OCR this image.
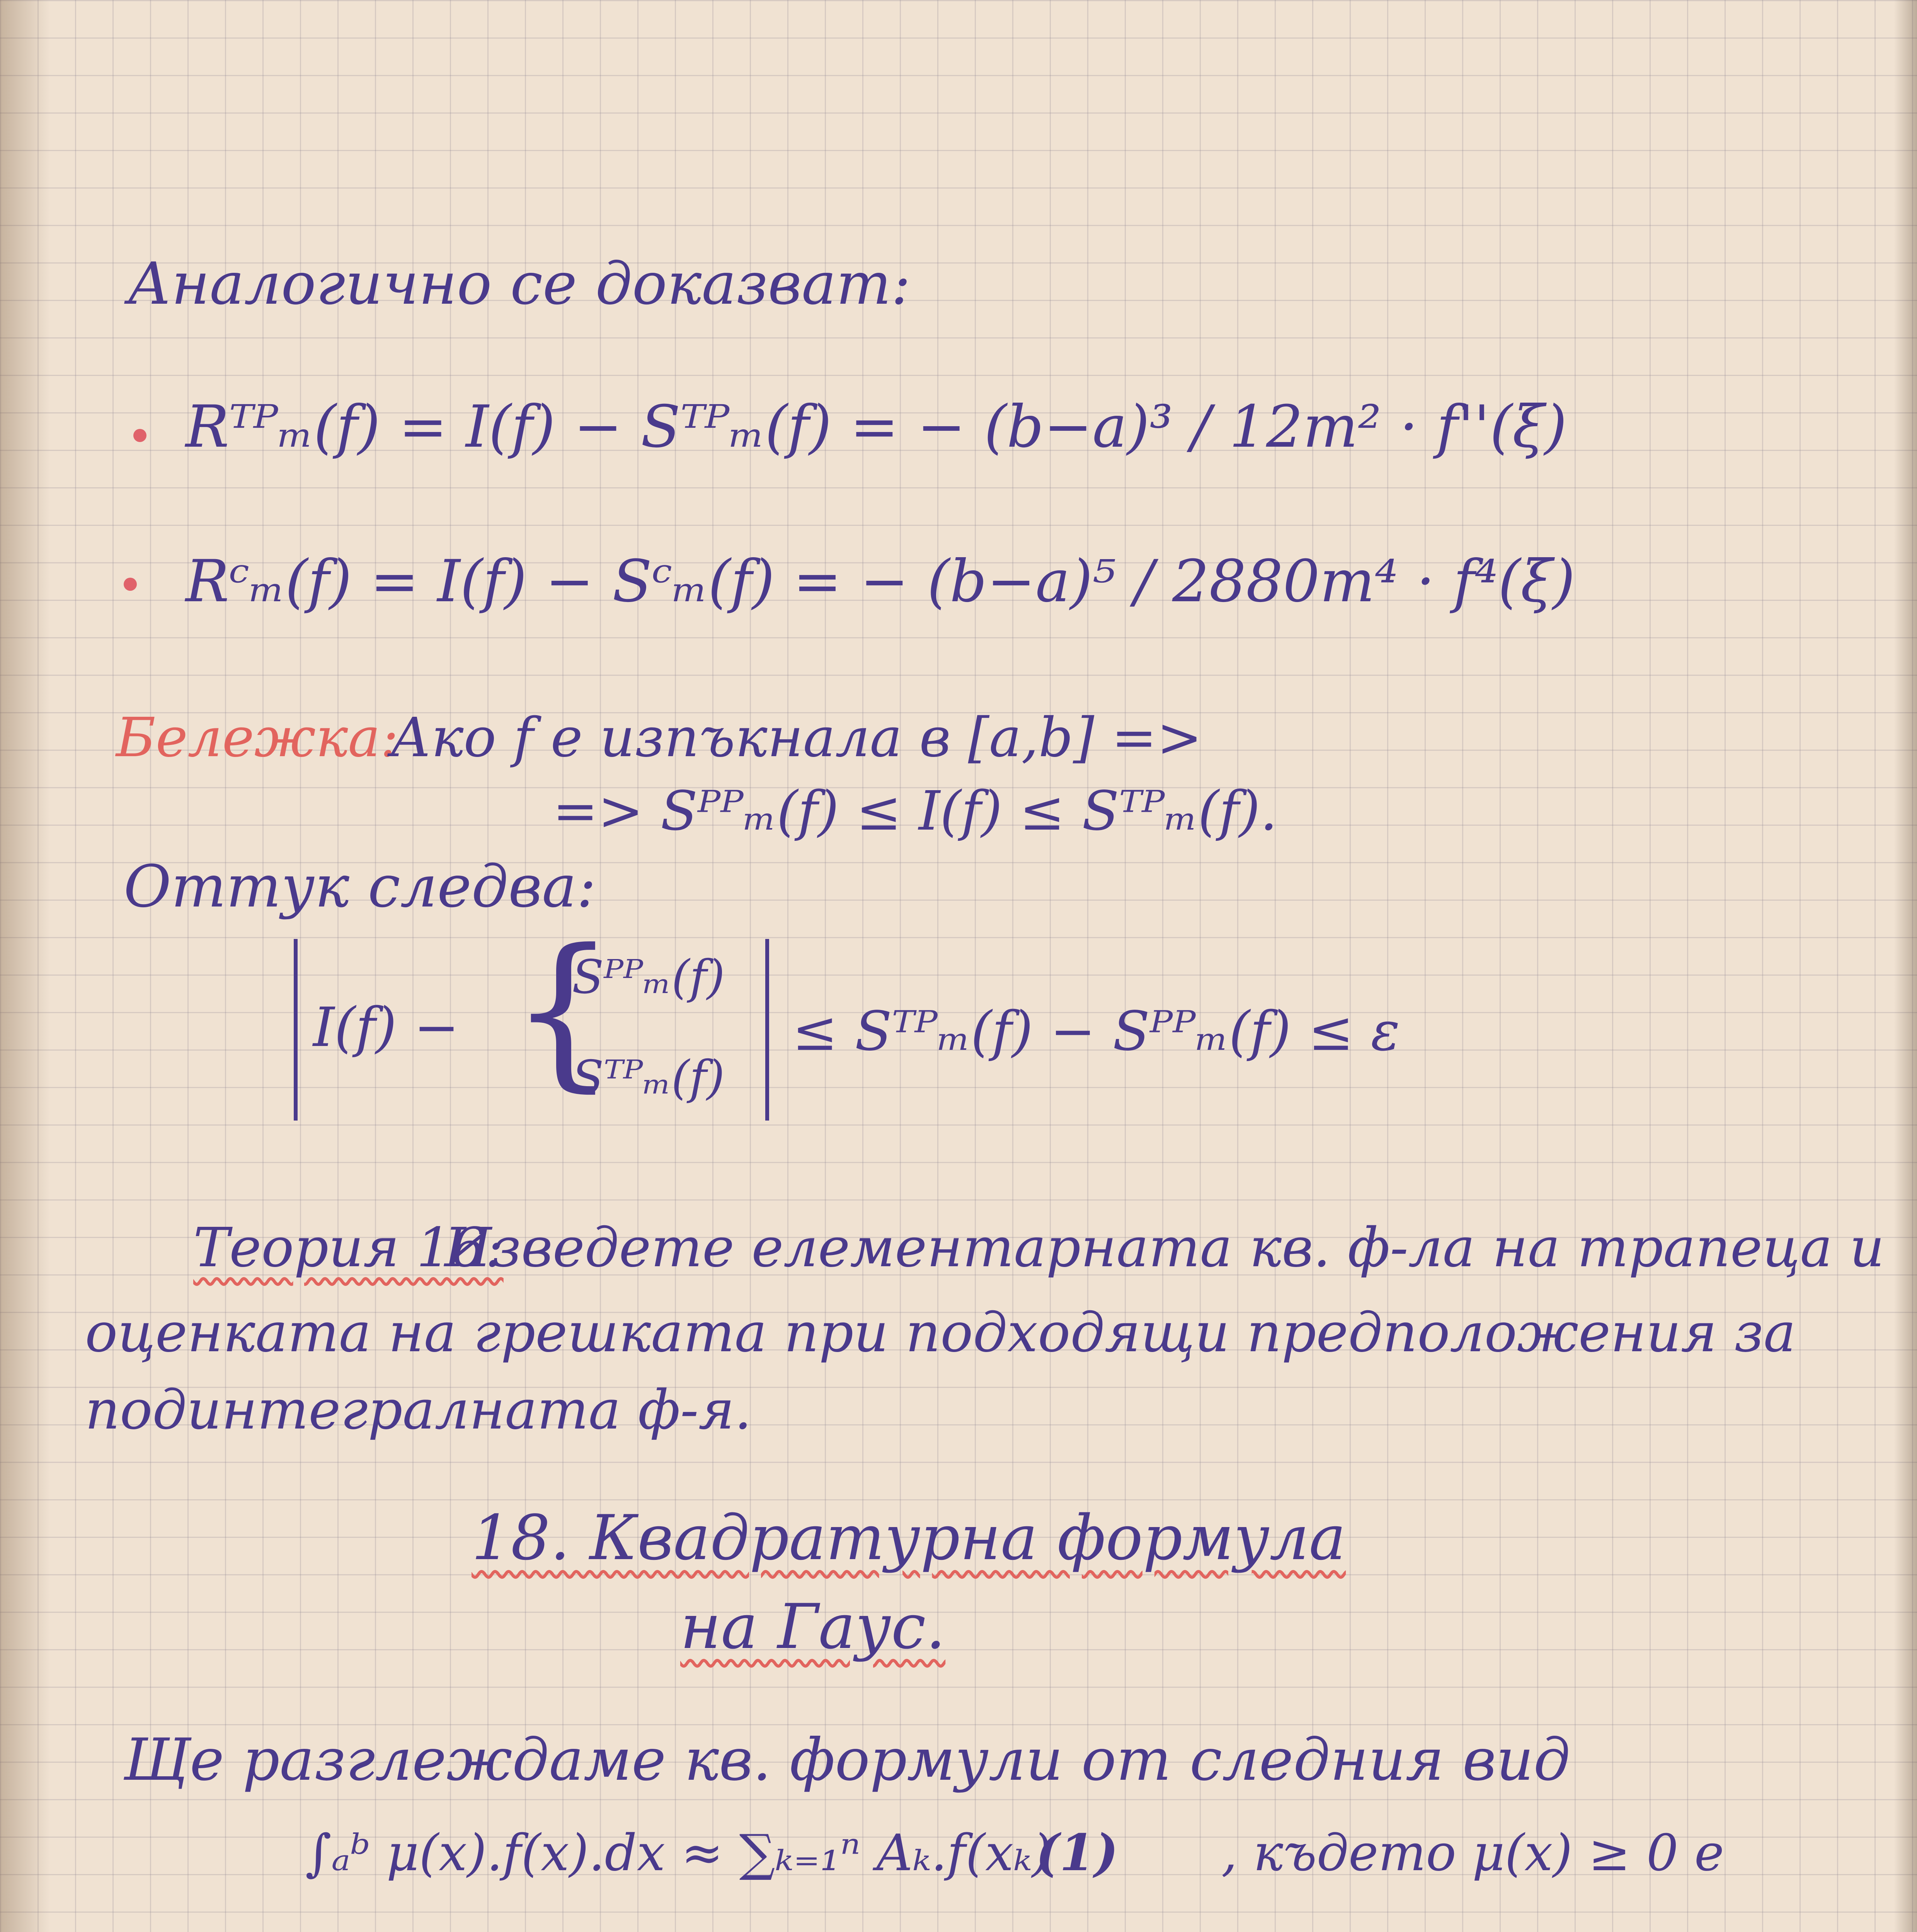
Аналогично се доказват:
Rᵀᴾₘ(f) = I(f) − Sᵀᴾₘ(f) = − (b−a)³ / 12m² · f''(ξ)
Rᶜₘ(f) = I(f) − Sᶜₘ(f) = − (b−a)⁵ / 2880m⁴ · f⁴(ξ)
Бележка:
Ако f е изпъкнала в [a,b] =>
=> Sᴾᴾₘ(f) ≤ I(f) ≤ Sᵀᴾₘ(f).
Оттук следва:
I(f) − {
Sᴾᴾₘ(f)
Sᵀᴾₘ(f)
≤ Sᵀᴾₘ(f) − Sᴾᴾₘ(f) ≤ ε
Теория 16:
Изведете елементарната кв. ф-ла на трапеца и
оценката на грешката при подходящи предположения за
подинтегралната ф-я.
18. Квадратурна формула
на Гаус.
Ще разглеждаме кв. формули от следния вид
∫ₐᵇ μ(x).f(x).dx ≈ ∑ₖ₌₁ⁿ Aₖ.f(xₖ)
(1) , където μ(x) ≥ 0 е
